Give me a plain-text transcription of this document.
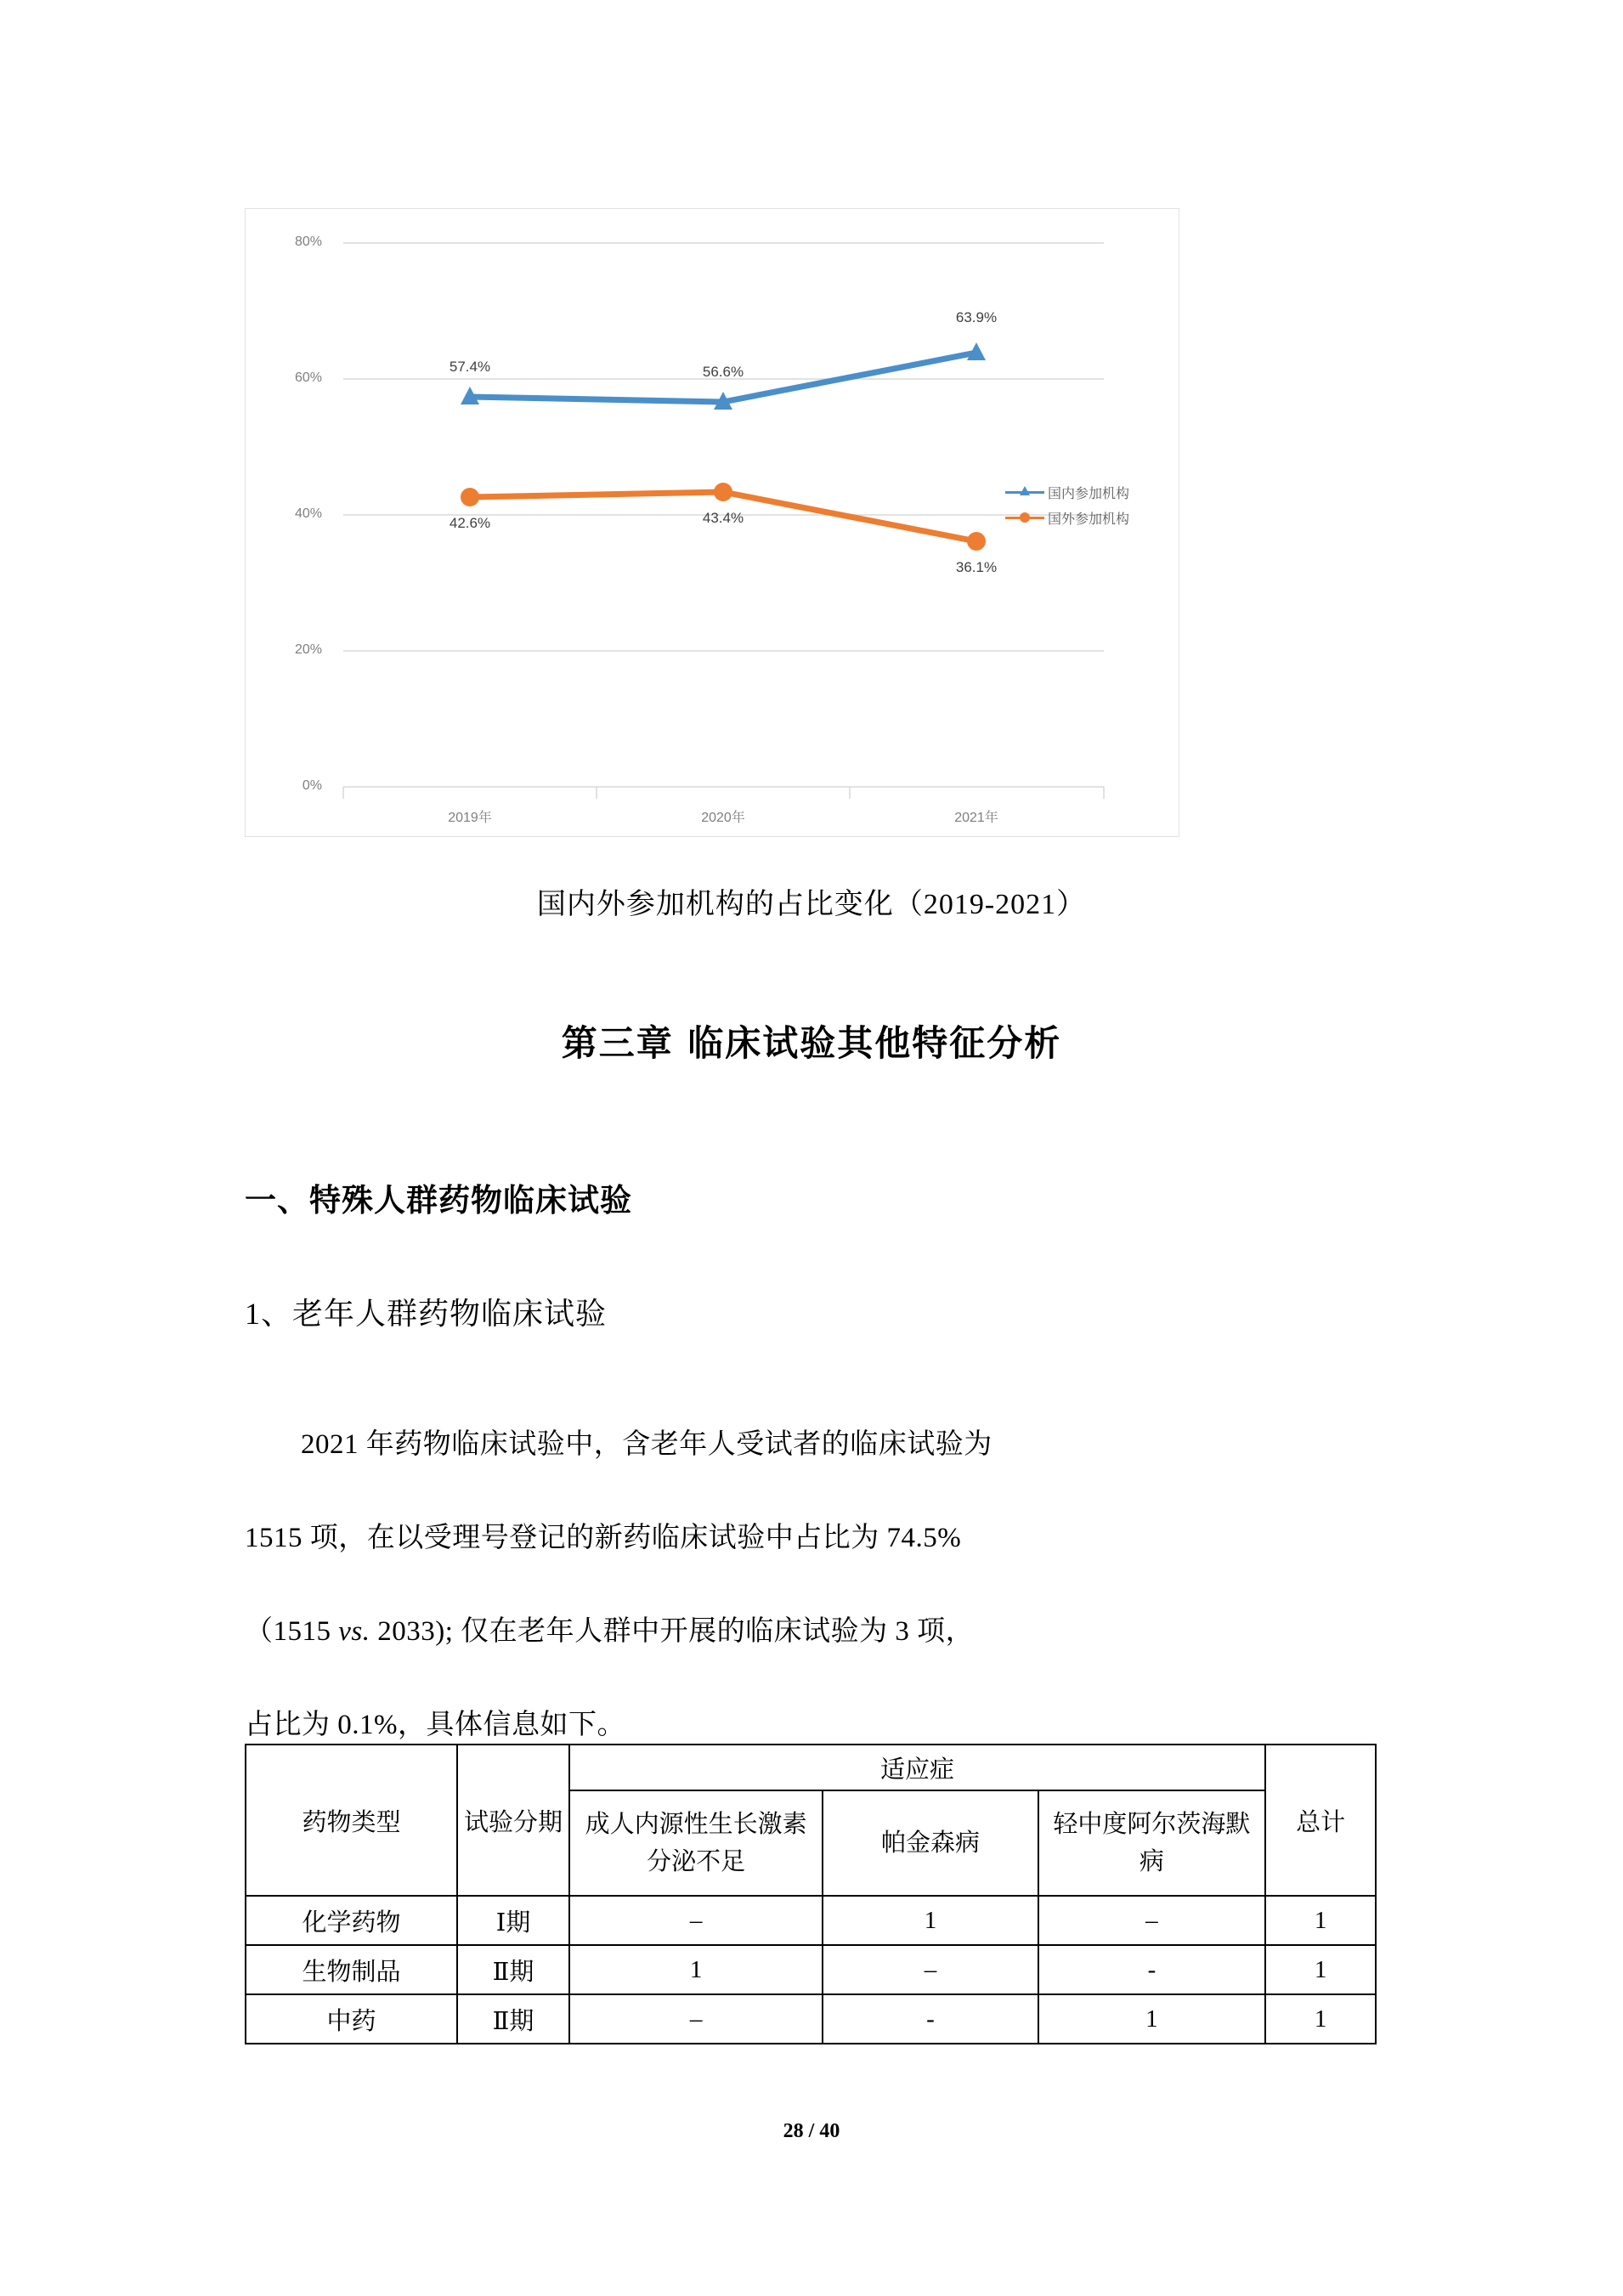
80%
60%
40%
20%
0%
2019年	2020年	2021年
57.4%	56.6%
63.9%
42.6%	43.4%
36.1%
国内参加机构
国外参加机构
国内外参加机构的占比变化（2019-2021）
第三章 临床试验其他特征分析
一、特殊人群药物临床试验
1、老年人群药物临床试验
2021 年药物临床试验中，含老年人受试者的临床试验为
1515 项，在以受理号登记的新药临床试验中占比为 74.5%
（1515 vs. 2033); 仅在老年人群中开展的临床试验为 3 项，
占比为 0.1%，具体信息如下。
药物类型	试验分期	适应症			总计
		成人内源性生长激素分泌不足	帕金森病	轻中度阿尔茨海默病	
化学药物	Ⅰ期	–	1	–	1
生物制品	Ⅱ期	1	–	-	1
中药	Ⅱ期	–	-	1	1
28 / 40
